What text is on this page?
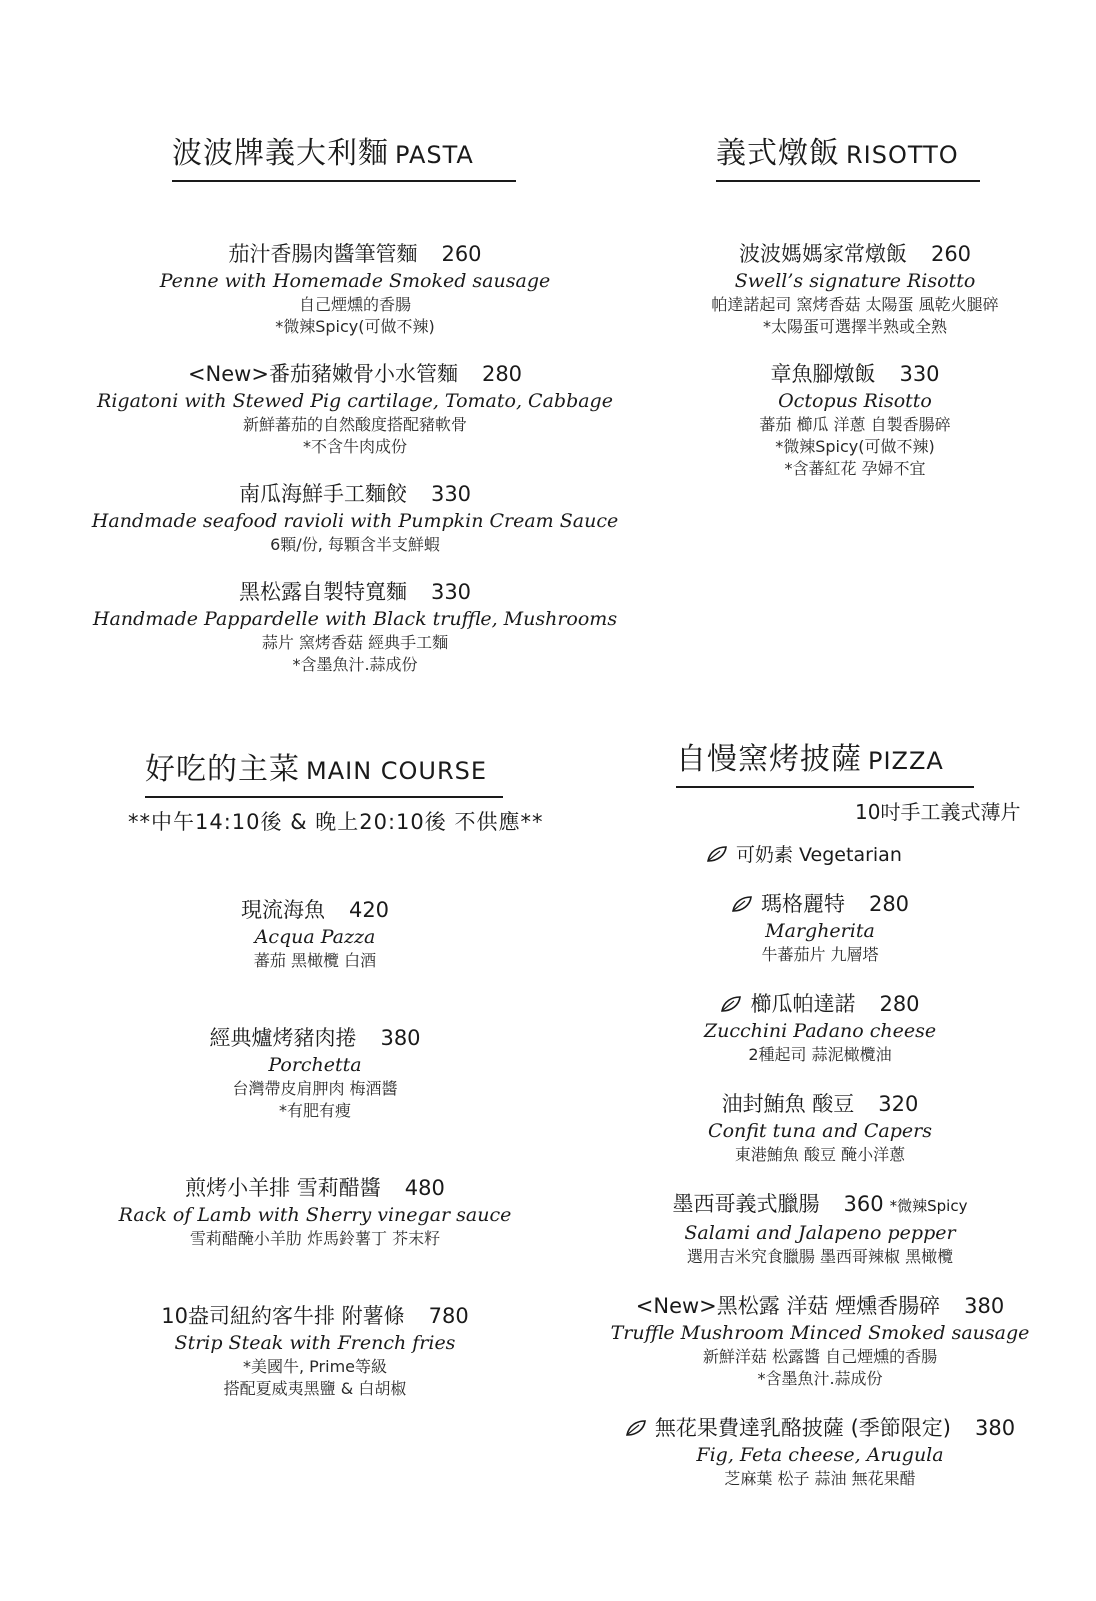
波波牌義大利麵 PASTA	義式燉飯 RISOTTO
好吃的主菜 MAIN COURSE	自慢窯烤披薩 PIZZA
茄汁香腸肉醬筆管麵 260
Penne with Homemade Smoked sausage
自己煙燻的香腸
*微辣Spicy(可做不辣)
<New>番茄豬嫩骨小水管麵 280
Rigatoni with Stewed Pig cartilage, Tomato, Cabbage
新鮮蕃茄的自然酸度搭配豬軟骨
*不含牛肉成份
南瓜海鮮手工麵餃 330
Handmade seafood ravioli with Pumpkin Cream Sauce
6顆/份, 每顆含半支鮮蝦
黑松露自製特寬麵 330
Handmade Pappardelle with Black truffle, Mushrooms
蒜片 窯烤香菇 經典手工麵
*含墨魚汁.蒜成份
波波媽媽家常燉飯 260
Swell’s signature Risotto
帕達諾起司 窯烤香菇 太陽蛋 風乾火腿碎
*太陽蛋可選擇半熟或全熟
章魚腳燉飯 330
Octopus Risotto
蕃茄 櫛瓜 洋蔥 自製香腸碎
*微辣Spicy(可做不辣)
*含蕃紅花 孕婦不宜
**中午14:10後 & 晚上20:10後 不供應**
現流海魚 420
Acqua Pazza
蕃茄 黑橄欖 白酒
經典爐烤豬肉捲 380
Porchetta
台灣帶皮肩胛肉 梅酒醬
*有肥有瘦
煎烤小羊排 雪莉醋醬 480
Rack of Lamb with Sherry vinegar sauce
雪莉醋醃小羊肋 炸馬鈴薯丁 芥末籽
10盎司紐約客牛排 附薯條 780
Strip Steak with French fries
*美國牛, Prime等級
搭配夏威夷黑鹽 & 白胡椒
10吋手工義式薄片
可奶素 Vegetarian
瑪格麗特 280
Margherita
牛蕃茄片 九層塔
櫛瓜帕達諾 280
Zucchini Padano cheese
2種起司 蒜泥橄欖油
油封鮪魚 酸豆 320
Confit tuna and Capers
東港鮪魚 酸豆 醃小洋蔥
墨西哥義式臘腸 360 *微辣Spicy
Salami and Jalapeno pepper
選用吉米究食臘腸 墨西哥辣椒 黑橄欖
<New>黑松露 洋菇 煙燻香腸碎 380
Truffle Mushroom Minced Smoked sausage
新鮮洋菇 松露醬 自己煙燻的香腸
*含墨魚汁.蒜成份
無花果費達乳酪披薩 (季節限定) 380
Fig, Feta cheese, Arugula
芝麻葉 松子 蒜油 無花果醋
